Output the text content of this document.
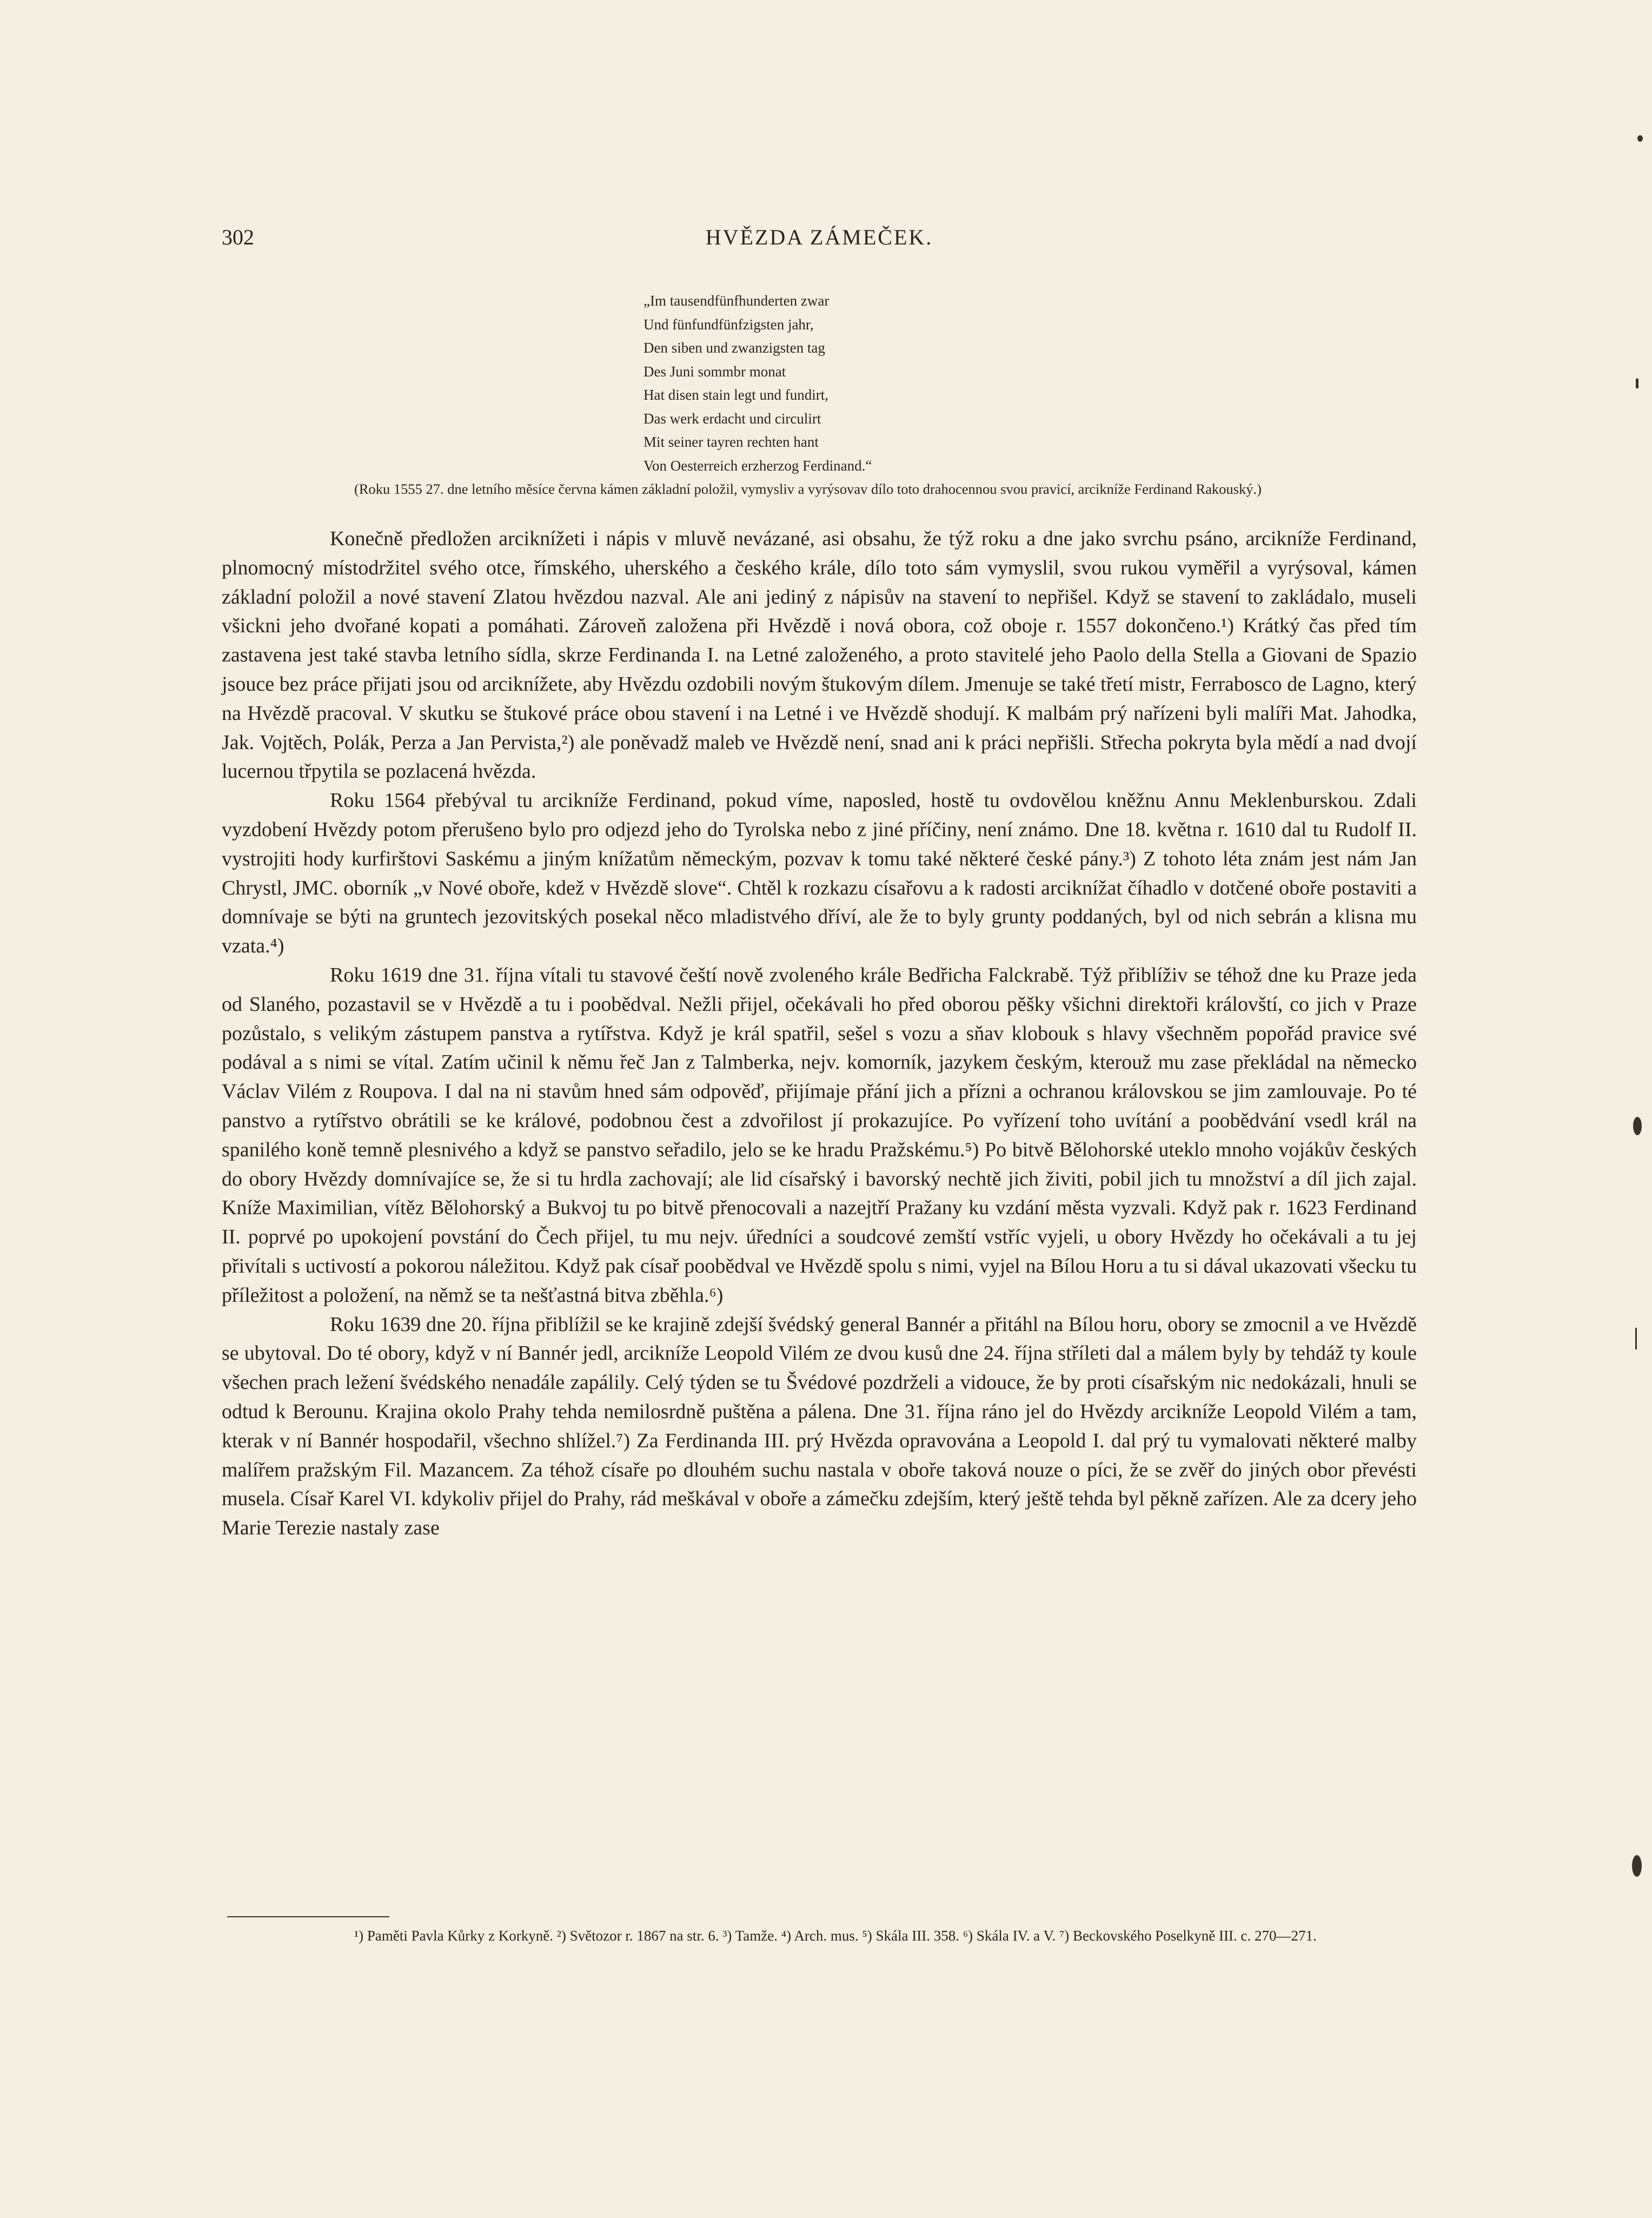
302	HVĚZDA ZÁMEČEK.
„Im tausendfünfhunderten zwar
Und fünfundfünfzigsten jahr,
Den siben und zwanzigsten tag
Des Juni sommbr monat
Hat disen stain legt und fundirt,
Das werk erdacht und circulirt
Mit seiner tayren rechten hant
Von Oesterreich erzherzog Ferdinand.“
(Roku 1555 27. dne letního měsíce června kámen základní položil, vymysliv a vyrýsovav dílo toto drahocennou svou pravicí, arcikníže Ferdinand Rakouský.)

Konečně předložen arciknížeti i nápis v mluvě nevázané, asi obsahu, že týž roku a dne jako svrchu psáno, arcikníže Ferdinand, plnomocný místodržitel svého otce, římského, uherského a českého krále, dílo toto sám vymyslil, svou rukou vyměřil a vyrýsoval, kámen základní položil a nové stavení Zlatou hvězdou nazval. Ale ani jediný z nápisův na stavení to nepřišel. Když se stavení to zakládalo, museli všickni jeho dvořané kopati a pomáhati. Zároveň založena při Hvězdě i nová obora, což oboje r. 1557 dokončeno.¹) Krátký čas před tím zastavena jest také stavba letního sídla, skrze Ferdinanda I. na Letné založeného, a proto stavitelé jeho Paolo della Stella a Giovani de Spazio jsouce bez práce přijati jsou od arciknížete, aby Hvězdu ozdobili novým štukovým dílem. Jmenuje se také třetí mistr, Ferrabosco de Lagno, který na Hvězdě pracoval. V skutku se štukové práce obou stavení i na Letné i ve Hvězdě shodují. K malbám prý nařízeni byli malíři Mat. Jahodka, Jak. Vojtěch, Polák, Perza a Jan Pervista,²) ale poněvadž maleb ve Hvězdě není, snad ani k práci nepřišli. Střecha pokryta byla mědí a nad dvojí lucernou třpytila se pozlacená hvězda.

Roku 1564 přebýval tu arcikníže Ferdinand, pokud víme, naposled, hostě tu ovdovělou kněžnu Annu Meklenburskou. Zdali vyzdobení Hvězdy potom přerušeno bylo pro odjezd jeho do Tyrolska nebo z jiné příčiny, není známo. Dne 18. května r. 1610 dal tu Rudolf II. vystrojiti hody kurfirštovi Saskému a jiným knížatům německým, pozvav k tomu také některé české pány.³) Z tohoto léta znám jest nám Jan Chrystl, JMC. oborník „v Nové oboře, kdež v Hvězdě slove“. Chtěl k rozkazu císařovu a k radosti arciknížat číhadlo v dotčené oboře postaviti a domnívaje se býti na gruntech jezovitských posekal něco mladistvého dříví, ale že to byly grunty poddaných, byl od nich sebrán a klisna mu vzata.⁴)

Roku 1619 dne 31. října vítali tu stavové čeští nově zvoleného krále Bedřicha Falckrabě. Týž přiblíživ se téhož dne ku Praze jeda od Slaného, pozastavil se v Hvězdě a tu i poobědval. Nežli přijel, očekávali ho před oborou pěšky všichni direktoři královští, co jich v Praze pozůstalo, s velikým zástupem panstva a rytířstva. Když je král spatřil, sešel s vozu a sňav klobouk s hlavy všechněm popořád pravice své podával a s nimi se vítal. Zatím učinil k němu řeč Jan z Talmberka, nejv. komorník, jazykem českým, kterouž mu zase překládal na německo Václav Vilém z Roupova. I dal na ni stavům hned sám odpověď, přijímaje přání jich a přízni a ochranou královskou se jim zamlouvaje. Po té panstvo a rytířstvo obrátili se ke králové, podobnou čest a zdvořilost jí prokazujíce. Po vyřízení toho uvítání a poobědvání vsedl král na spanilého koně temně plesnivého a když se panstvo seřadilo, jelo se ke hradu Pražskému.⁵) Po bitvě Bělohorské uteklo mnoho vojákův českých do obory Hvězdy domnívajíce se, že si tu hrdla zachovají; ale lid císařský i bavorský nechtě jich živiti, pobil jich tu množství a díl jich zajal. Kníže Maximilian, vítěz Bělohorský a Bukvoj tu po bitvě přenocovali a nazejtří Pražany ku vzdání města vyzvali. Když pak r. 1623 Ferdinand II. poprvé po upokojení povstání do Čech přijel, tu mu nejv. úředníci a soudcové zemští vstříc vyjeli, u obory Hvězdy ho očekávali a tu jej přivítali s uctivostí a pokorou náležitou. Když pak císař poobědval ve Hvězdě spolu s nimi, vyjel na Bílou Horu a tu si dával ukazovati všecku tu příležitost a položení, na němž se ta nešťastná bitva zběhla.⁶)

Roku 1639 dne 20. října přiblížil se ke krajině zdejší švédský general Bannér a přitáhl na Bílou horu, obory se zmocnil a ve Hvězdě se ubytoval. Do té obory, když v ní Bannér jedl, arcikníže Leopold Vilém ze dvou kusů dne 24. října stříleti dal a málem byly by tehdáž ty koule všechen prach ležení švédského nenadále zapálily. Celý týden se tu Švédové pozdrželi a vidouce, že by proti císařským nic nedokázali, hnuli se odtud k Berounu. Krajina okolo Prahy tehda nemilosrdně puštěna a pálena. Dne 31. října ráno jel do Hvězdy arcikníže Leopold Vilém a tam, kterak v ní Bannér hospodařil, všechno shlížel.⁷) Za Ferdinanda III. prý Hvězda opravována a Leopold I. dal prý tu vymalovati některé malby malířem pražským Fil. Mazancem. Za téhož císaře po dlouhém suchu nastala v oboře taková nouze o píci, že se zvěř do jiných obor převésti musela. Císař Karel VI. kdykoliv přijel do Prahy, rád meškával v oboře a zámečku zdejším, který ještě tehda byl pěkně zařízen. Ale za dcery jeho Marie Terezie nastaly zase

¹) Paměti Pavla Kůrky z Korkyně. ²) Světozor r. 1867 na str. 6. ³) Tamže. ⁴) Arch. mus. ⁵) Skála III. 358. ⁶) Skála IV. a V. ⁷) Beckovského Poselkyně III. c. 270—271.
